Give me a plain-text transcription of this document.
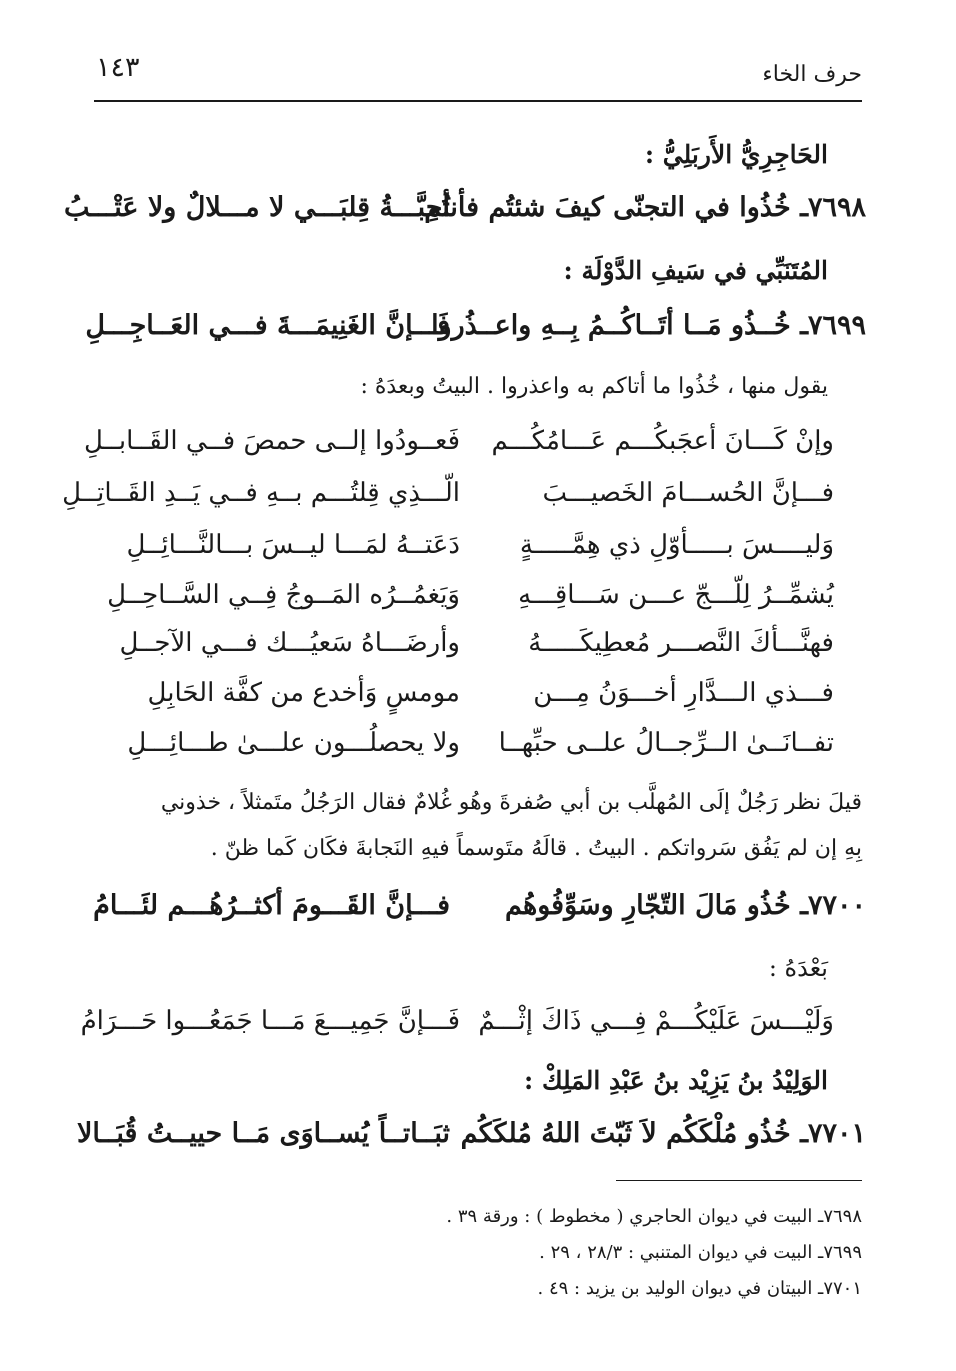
١٤٣	حرف الخاء
الحَاجِرِيُّ الأَربَلِيُّ :
٧٦٩٨ـ خُذُوا في التجنّى كيفَ شئتُم فأنتُم
أحِبَّـــةُ قِلبَـــي لا مـــلالٌ ولا عَتْـــبُ
المُتَنَبِّي في سَيفِ الدَّوْلَة :
٧٦٩٩ـ خُــذُو مَــا أتَــاكُــمُ بِــهِ واعــذُروا
فَـــإنَّ الغَنِيمَـــةَ فـــي العَــاجِـــلِ
يقول منها ، خُذُوا ما أتاكم به واعذروا . البيتُ وبعدَهُ :
وإنْ كَـــانَ أعجَبكُـــم عَـــامُكُـــم
فَعــودُوا إلــى حمصَ فــي القَــابــلِ
فـــإنَّ الحُســـامَ الخَصيـــبَ
الّـــذِي قِلتُـــم بــهِ فــي يَــدِ القَــاتِــلِ
وَليــــسَ بـــــأوّلِ ذي هِمَّـــــةٍ
دَعَتــهُ لمَـــا ليــسَ بـــالنَّـــائِــلِ
يُشمِّــرُ لِلّـــجّ عـــن سَـــاقِـــهِ
وَيَغمُــرُه المَــوجُ فِــي السَّــاحِــلِ
فهنَّـــأكَ النَّصـــر مُعطِيكَـــــهُ
وأرضَـــاهُ سَعيُـــك فـــي الآجــلِ
فـــذي الـــدَّارِ أخـــوَنُ مِـــن
مومسٍ وَأخدع من كفَّة الحَابِلِ
تفــانَــىٰ الــرِّجــالُ علــى حبِّهــا
ولا يحصلُـــون علـــىٰ طـــائِـــلِ
قيلَ نظر رَجُلٌ إلَى المُهلَّب بن أبي صُفرةَ وهُو غُلامٌ فقال الرَجُلُ متَمثلاً ، خذوني
بِهِ إن لم يَفُق سَرواتكم . البيتُ . قالَهُ متَوسماً فيهِ النَجابةَ فكَان كَما ظنّ .
٧٧٠٠ـ خُذُو مَالَ التّجّارِ وسَوِّفُوهُم
فـــإنَّ القَـــومَ أكثــرُهُـــم لئَـــامُ
بَعْدَهُ :
وَلَيْـــسَ عَلَيْكُـــمْ فِـــي ذَاكَ إثْـــمٌ
فَـــإنَّ جَمِيـــعَ مَـــا جَمَعُـــوا حَـــرَامُ
الوَلِيْدُ بنُ يَزِيْد بنُ عَبْدِ المَلِكْ :
٧٧٠١ـ خُذُو مُلْكَكُم لاَ ثَبّتَ اللهُ مُلكَكُم
ثبَــاتــاً يُســاوَى مَــا حييــتُ قُبَــالا
٧٦٩٨ـ البيت في ديوان الحاجري ( مخطوط ) : ورقة ٣٩ .
٧٦٩٩ـ البيت في ديوان المتنبي : ٢٨/٣ ، ٢٩ .
٧٧٠١ـ البيتان في ديوان الوليد بن يزيد : ٤٩ .
